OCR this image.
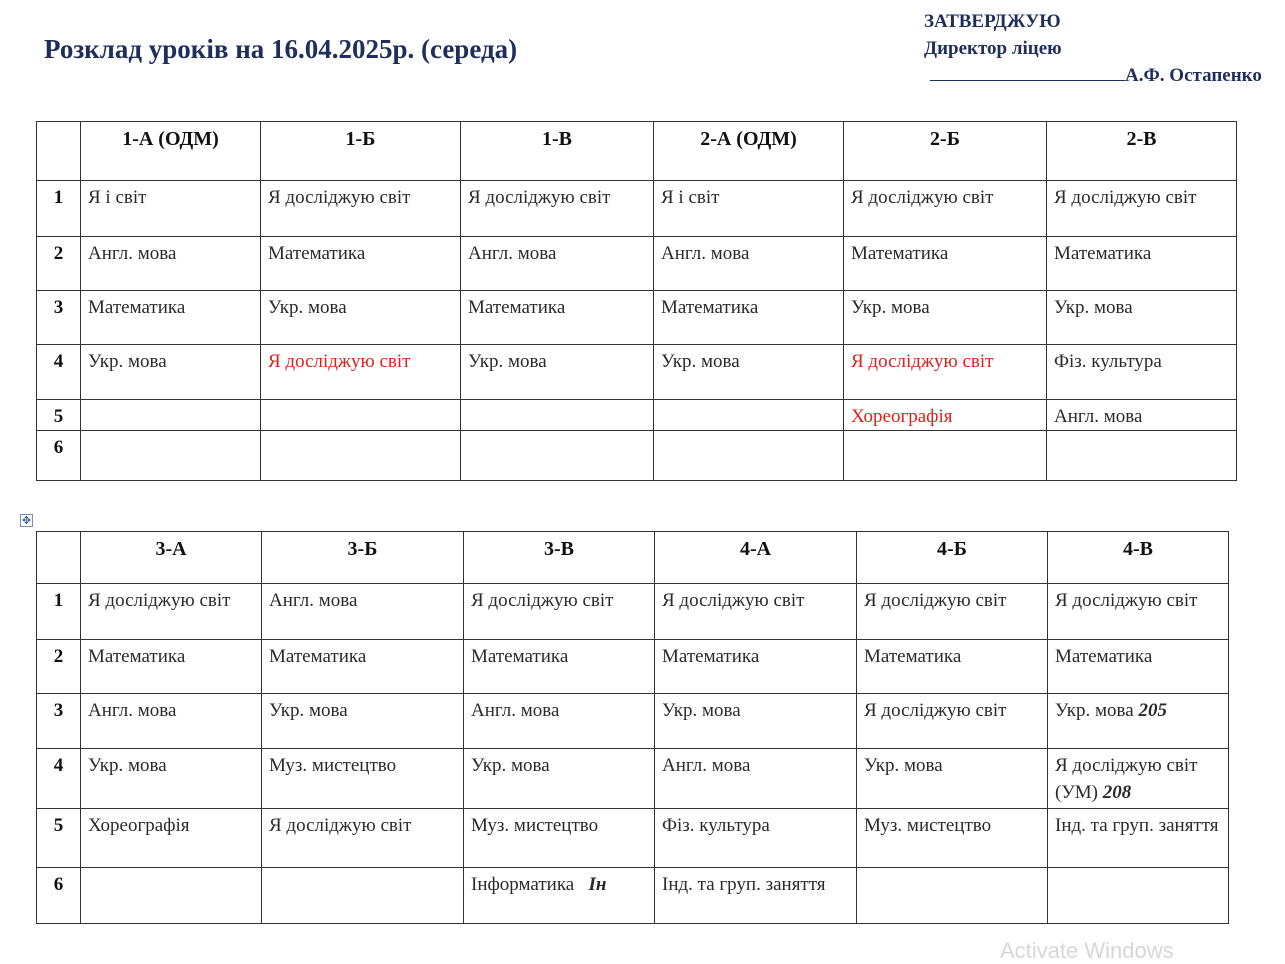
Розклад уроків на 16.04.2025р. (середа)
ЗАТВЕРДЖУЮ
Директор ліцею
А.Ф. Остапенко
	1-А (ОДМ)	1-Б	1-В	2-А (ОДМ)	2-Б	2-В
1	Я і світ	Я досліджую світ	Я досліджую світ	Я і світ	Я досліджую світ	Я досліджую світ
2	Англ. мова	Математика	Англ. мова	Англ. мова	Математика	Математика
3	Математика	Укр. мова	Математика	Математика	Укр. мова	Укр. мова
4	Укр. мова	Я досліджую світ	Укр. мова	Укр. мова	Я досліджую світ	Фіз. культура
5					Хореографія	Англ. мова
6						
✥
	3-А	3-Б	3-В	4-А	4-Б	4-В
1	Я досліджую світ	Англ. мова	Я досліджую світ	Я досліджую світ	Я досліджую світ	Я досліджую світ
2	Математика	Математика	Математика	Математика	Математика	Математика
3	Англ. мова	Укр. мова	Англ. мова	Укр. мова	Я досліджую світ	Укр. мова 205
4	Укр. мова	Муз. мистецтво	Укр. мова	Англ. мова	Укр. мова	Я досліджую світ (УМ) 208
5	Хореографія	Я досліджую світ	Муз. мистецтво	Фіз. культура	Муз. мистецтво	Інд. та груп. заняття
6			Інформатика Ін	Інд. та груп. заняття		
Activate Windows
